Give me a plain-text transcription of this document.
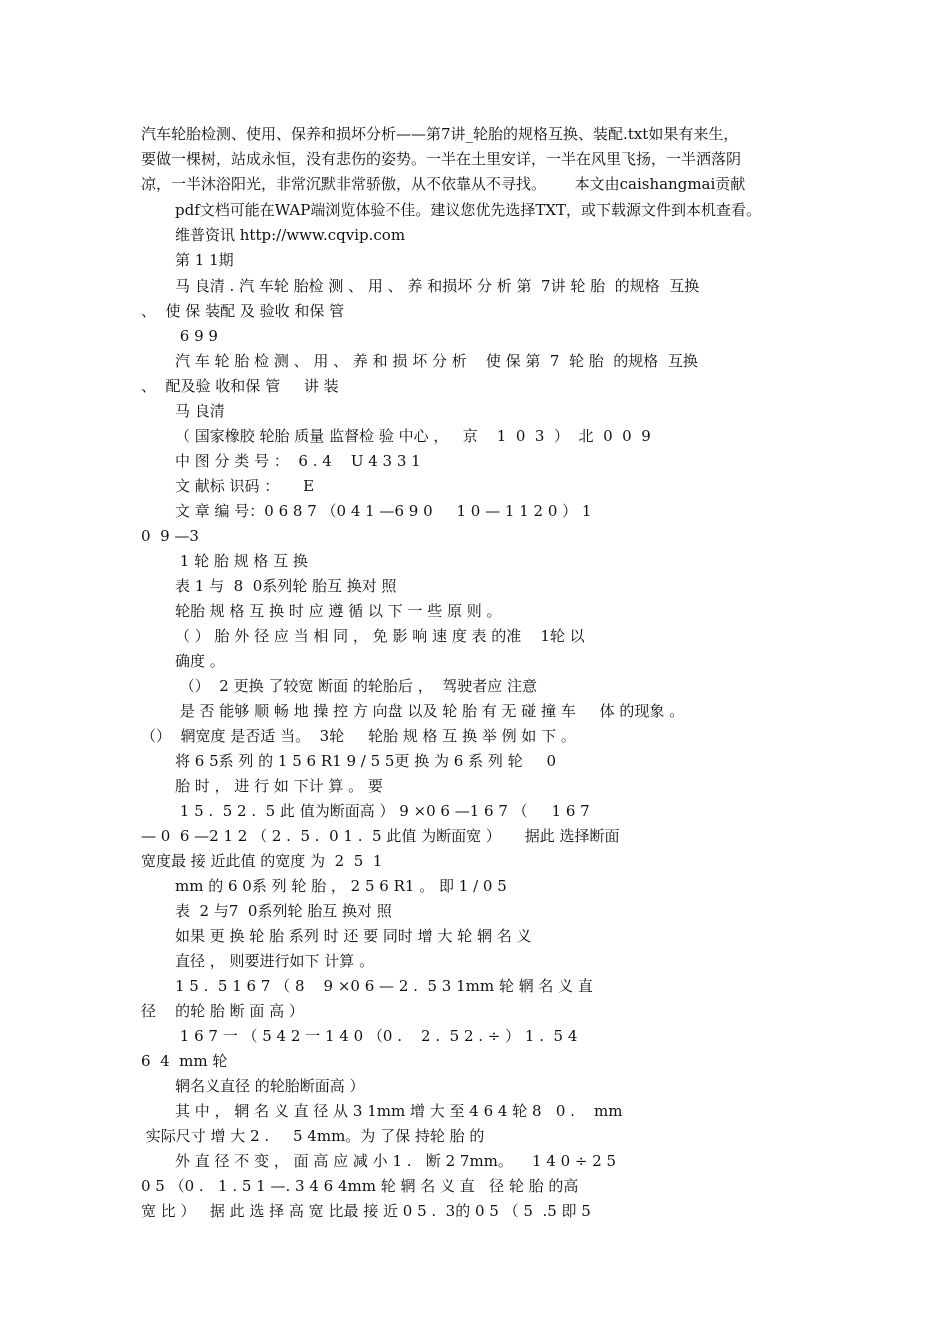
汽车轮胎检测、使用、保养和损坏分析——第7讲_轮胎的规格互换、装配.txt如果有来生，
要做一棵树，站成永恒，没有悲伤的姿势。一半在土里安详，一半在风里飞扬，一半洒落阴
凉，一半沐浴阳光，非常沉默非常骄傲，从不依靠从不寻找。      本文由caishangmai贡献
pdf文档可能在WAP端浏览体验不佳。建议您优先选择TXT，或下载源文件到本机查看。
维普资讯 http://www.cqvip.com
第 1 1期
马 良清 . 汽 车轮 胎检 测 、 用 、 养 和损坏 分 析 第  7讲 轮 胎  的规格  互换
、  使 保 装配 及 验收 和保 管
6 9 9
汽 车 轮 胎 检 测 、 用 、 养 和 损 坏 分 析    使 保 第  7  轮 胎  的规格  互换
、  配及验 收和保 管     讲 装
马 良清
（ 国家橡胶 轮胎 质量 监督检 验 中心 ，   京    1  0  3  ）  北  0  0  9
中 图 分 类 号 ：  6 . 4    U 4 3 3 1
文 献标 识码 ：     E
文 章 编 号：0 6 8 7 （0 4 1 —6 9 0     1 0 — 1 1 2 0 ） 1
0  9 —3
1 轮 胎 规 格 互 换
表 1 与  8  0系列轮 胎互 换对 照
轮胎 规 格 互 换 时 应 遵 循 以 下 一 些 原 则 。
（ ） 胎 外 径 应 当 相 同 ， 免 影 响 速 度 表 的准    1轮 以
确度 。
（）  2 更换 了较宽 断面 的轮胎后 ，  驾驶者应 注意
是 否 能够 顺 畅 地 操 控 方 向盘 以及 轮 胎 有 无 碰 撞 车     体 的现象 。
（）  辋宽度 是否适 当。  3轮     轮胎 规 格 互 换 举 例 如 下 。
将 6 5系 列 的 1 5 6 R1 9 / 5 5更 换 为 6 系 列 轮     0
胎 时 ， 进 行 如 下计 算 。 要
1 5 .  5 2 .  5 此 值为断面高 ） 9 ×0 6 —1 6 7 （     1 6 7
— 0  6 —2 1 2 （ 2 .  5 .  0 1 .  5 此值 为断面宽 ）     据此 选择断面
宽度最 接 近此值 的宽度 为  2  5  1
mm 的 6 0系 列 轮 胎 ， 2 5 6 R1 。 即 1 / 0 5
表  2 与7  0系列轮 胎互 换对 照
如果 更 换 轮 胎 系列 时 还 要 同时 增 大 轮 辋 名 义
直径 ， 则要进行如下 计算 。
1 5 .  5 1 6 7 （ 8    9 ×0 6 — 2 .  5 3 1mm 轮 辋 名 义 直
径    的轮 胎 断 面 高 ）
1 6 7 一 （ 5 4 2 一 1 4 0 （0 .    2 .  5 2 . ÷ ） 1 .  5 4
6  4  mm 轮
辋名义直径 的轮胎断面高 ）
其 中 ， 辋 名 义 直 径 从 3 1mm 增 大 至 4 6 4 轮 8   0 .    mm
实际尺寸 增 大 2 .     5 4mm。为 了保 持轮 胎 的
外 直 径 不 变 ， 面 高 应 减 小 1 .   断 2 7mm。    1 4 0 ÷ 2 5
0 5 （0 .   1 . 5 1 —. 3 4 6 4mm 轮 辋 名 义 直   径 轮 胎 的高
宽 比 ）   据 此 选 择 高 宽 比最 接 近 0 5 .  3的 0 5 （ 5  .5 即 5
